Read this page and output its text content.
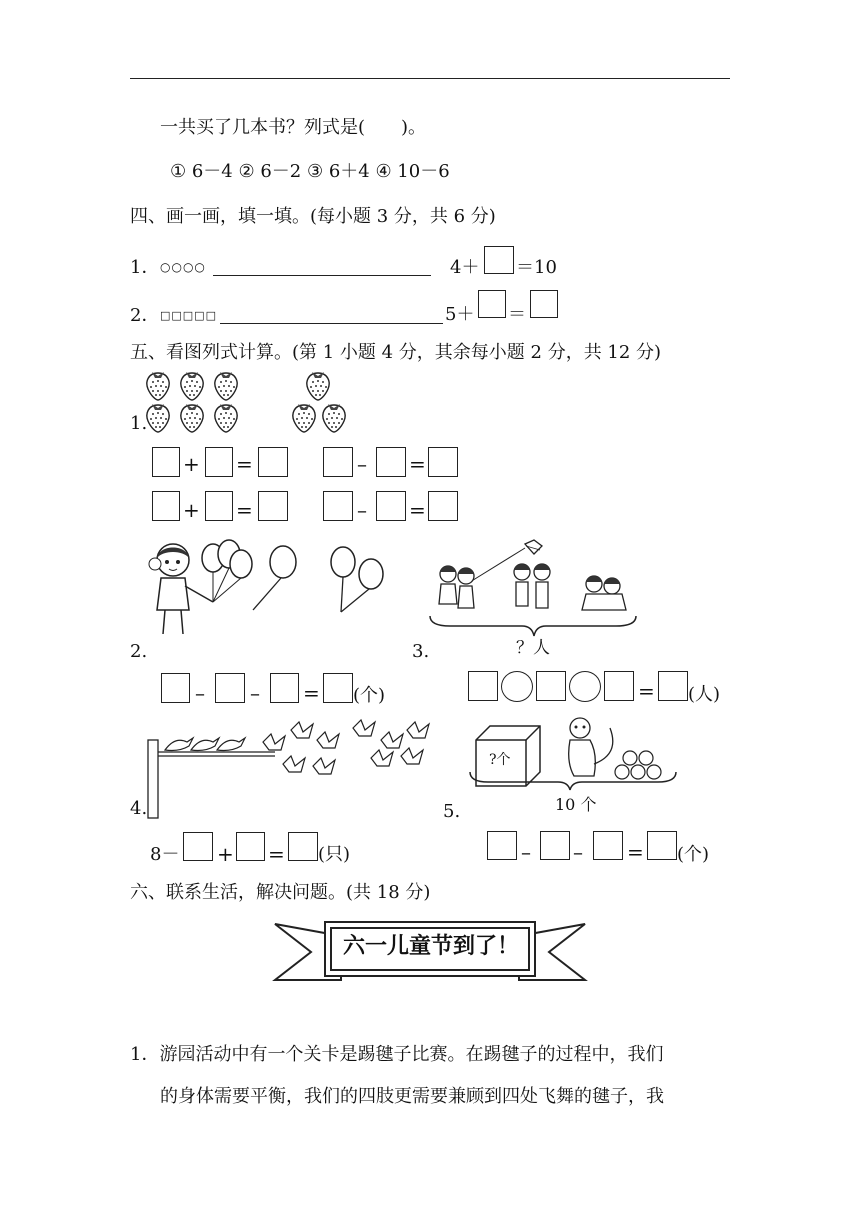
一共买了几本书？列式是(　　)。
① 6－4 ② 6－2 ③ 6＋4 ④ 10－6
四、画一画，填一填。(每小题 3 分，共 6 分)
1． ○○○○	4＋ ＝10
2． □□□□□	5＋ ＝
五、看图列式计算。(第 1 小题 4 分，其余每小题 2 分，共 12 分)
1.
+ =	– =
+ =	– =
2.	3.	？人
– – = (个)	= (人)
4.
?个
10 个
5.
8－ + = (只)	– – = (个)
六、联系生活，解决问题。(共 18 分)
六一儿童节到了！
1．游园活动中有一个关卡是踢毽子比赛。在踢毽子的过程中，我们
的身体需要平衡，我们的四肢更需要兼顾到四处飞舞的毽子，我
